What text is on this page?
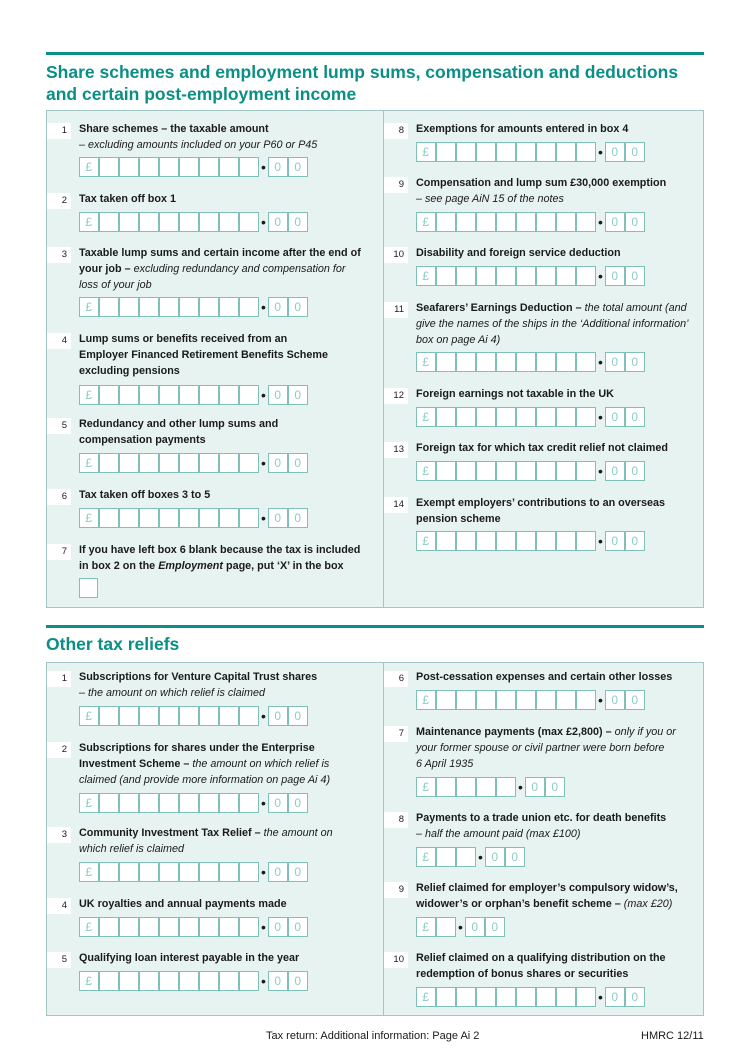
Share schemes and employment lump sums, compensation and deductions
and certain post-employment income
1	Share schemes – the taxable amount
– excluding amounts included on your P60 or P45
£	• 0	0
2	Tax taken off box 1
£	• 0	0
3	Taxable lump sums and certain income after the end of
your job – excluding redundancy and compensation for
loss of your job
£	• 0	0
4	Lump sums or benefits received from an
Employer Financed Retirement Benefits Scheme
excluding pensions
£	• 0	0
5	Redundancy and other lump sums and
compensation payments
£	• 0	0
6	Tax taken off boxes 3 to 5
£	• 0	0
7	If you have left box 6 blank because the tax is included
in box 2 on the Employment page, put ‘X’ in the box
8	Exemptions for amounts entered in box 4
£	• 0	0
9	Compensation and lump sum £30,000 exemption
– see page AiN 15 of the notes
£	• 0	0
10	Disability and foreign service deduction
£	• 0	0
11	Seafarers’ Earnings Deduction – the total amount (and
give the names of the ships in the ‘Additional information’
box on page Ai 4)
£	• 0	0
12	Foreign earnings not taxable in the UK
£	• 0	0
13	Foreign tax for which tax credit relief not claimed
£	• 0	0
14	Exempt employers’ contributions to an overseas
pension scheme
£	• 0	0
Other tax reliefs
1	Subscriptions for Venture Capital Trust shares
– the amount on which relief is claimed
£	• 0	0
2	Subscriptions for shares under the Enterprise
Investment Scheme – the amount on which relief is
claimed (and provide more information on page Ai 4)
£	• 0	0
3	Community Investment Tax Relief – the amount on
which relief is claimed
£	• 0	0
4	UK royalties and annual payments made
£	• 0	0
5	Qualifying loan interest payable in the year
£	• 0	0
6	Post-cessation expenses and certain other losses
£	• 0	0
7	Maintenance payments (max £2,800) – only if you or
your former spouse or civil partner were born before
6 April 1935
£	• 0	0
8	Payments to a trade union etc. for death benefits
– half the amount paid (max £100)
£	• 0	0
9	Relief claimed for employer’s compulsory widow’s,
widower’s or orphan’s benefit scheme – (max £20)
£	• 0	0
10	Relief claimed on a qualifying distribution on the
redemption of bonus shares or securities
£	• 0	0
Tax return: Additional information: Page Ai 2	HMRC 12/11
